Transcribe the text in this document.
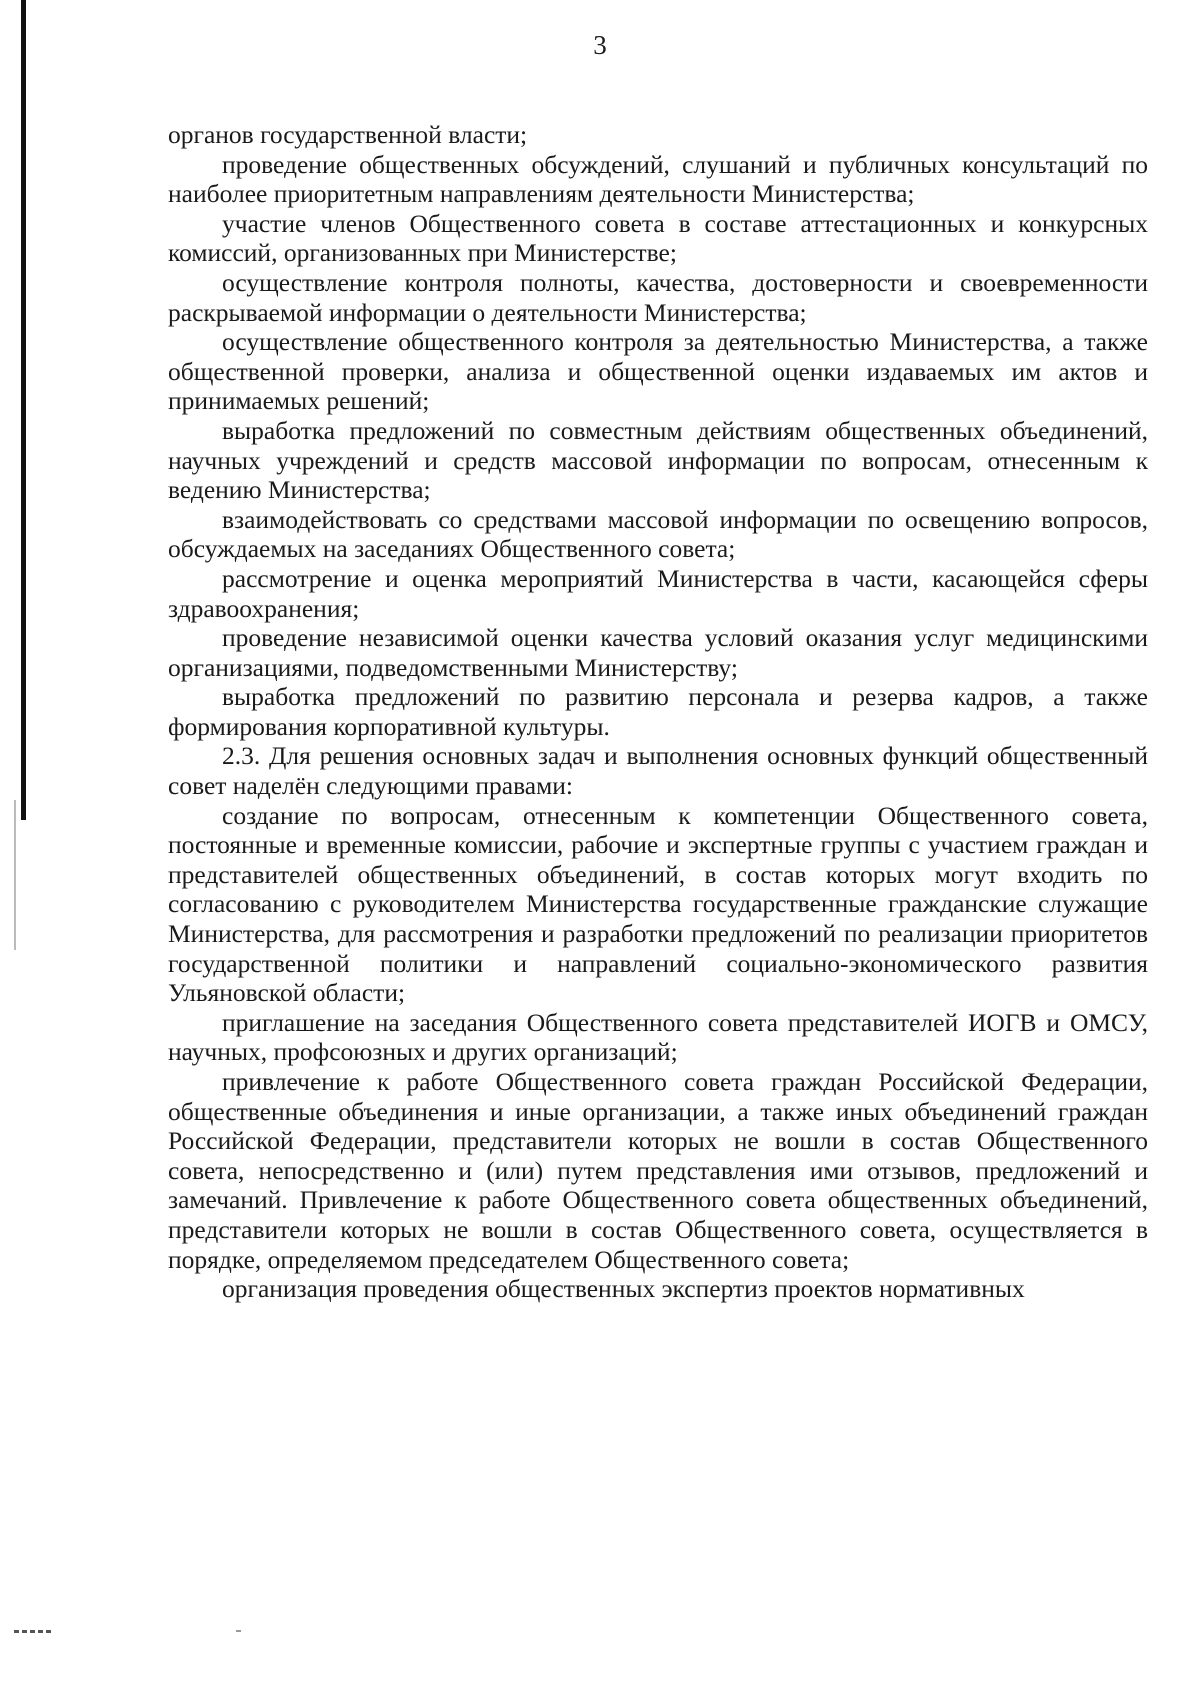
3

органов государственной власти;

проведение общественных обсуждений, слушаний и публичных консультаций по наиболее приоритетным направлениям деятельности Министерства;

участие членов Общественного совета в составе аттестационных и конкурсных комиссий, организованных при Министерстве;

осуществление контроля полноты, качества, достоверности и своевременности раскрываемой информации о деятельности Министерства;

осуществление общественного контроля за деятельностью Министерства, а также общественной проверки, анализа и общественной оценки издаваемых им актов и принимаемых решений;

выработка предложений по совместным действиям общественных объединений, научных учреждений и средств массовой информации по вопросам, отнесенным к ведению Министерства;

взаимодействовать со средствами массовой информации по освещению вопросов, обсуждаемых на заседаниях Общественного совета;

рассмотрение и оценка мероприятий Министерства в части, касающейся сферы здравоохранения;

проведение независимой оценки качества условий оказания услуг медицинскими организациями, подведомственными Министерству;

выработка предложений по развитию персонала и резерва кадров, а также формирования корпоративной культуры.

2.3. Для решения основных задач и выполнения основных функций общественный совет наделён следующими правами:

создание по вопросам, отнесенным к компетенции Общественного совета, постоянные и временные комиссии, рабочие и экспертные группы с участием граждан и представителей общественных объединений, в состав которых могут входить по согласованию с руководителем Министерства государственные гражданские служащие Министерства, для рассмотрения и разработки предложений по реализации приоритетов государственной политики и направлений социально-экономического развития Ульяновской области;

приглашение на заседания Общественного совета представителей ИОГВ и ОМСУ, научных, профсоюзных и других организаций;

привлечение к работе Общественного совета граждан Российской Федерации, общественные объединения и иные организации, а также иных объединений граждан Российской Федерации, представители которых не вошли в состав Общественного совета, непосредственно и (или) путем представления ими отзывов, предложений и замечаний. Привлечение к работе Общественного совета общественных объединений, представители которых не вошли в состав Общественного совета, осуществляется в порядке, определяемом председателем Общественного совета;

организация проведения общественных экспертиз проектов нормативных
